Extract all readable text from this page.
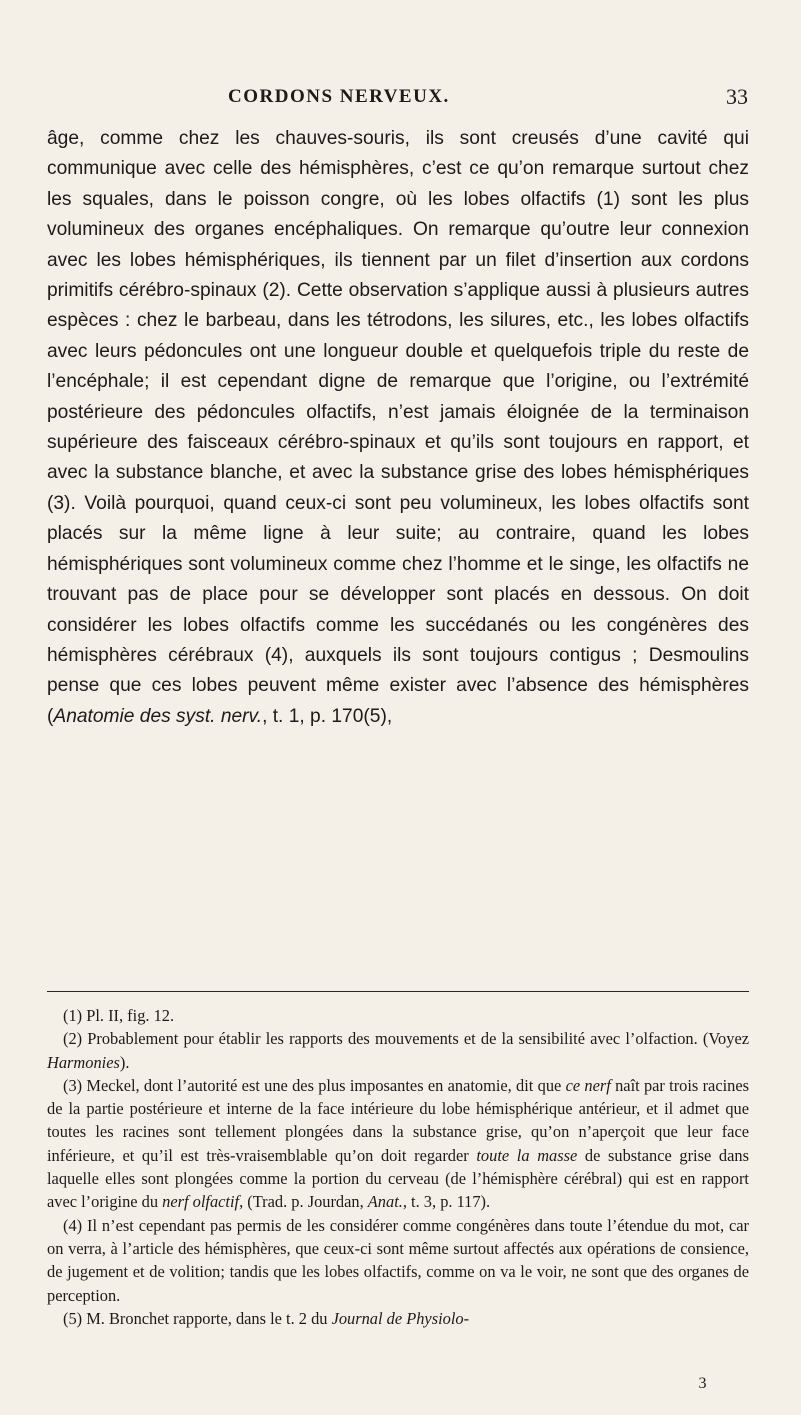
CORDONS NERVEUX.	33

âge, comme chez les chauves-souris, ils sont creusés d’une cavité qui communique avec celle des hémisphères, c’est ce qu’on remarque surtout chez les squales, dans le poisson congre, où les lobes olfactifs (1) sont les plus volumineux des organes encéphaliques. On remarque qu’outre leur connexion avec les lobes hémisphériques, ils tiennent par un filet d’insertion aux cordons primitifs cérébro-spinaux (2). Cette observation s’applique aussi à plusieurs autres espèces : chez le barbeau, dans les tétrodons, les silures, etc., les lobes olfactifs avec leurs pédoncules ont une longueur double et quelquefois triple du reste de l’encéphale; il est cependant digne de remarque que l’origine, ou l’extrémité postérieure des pédoncules olfactifs, n’est jamais éloignée de la terminaison supérieure des faisceaux cérébro-spinaux et qu’ils sont toujours en rapport, et avec la substance blanche, et avec la substance grise des lobes hémisphériques (3). Voilà pourquoi, quand ceux-ci sont peu volumineux, les lobes olfactifs sont placés sur la même ligne à leur suite; au contraire, quand les lobes hémisphériques sont volumineux comme chez l’homme et le singe, les olfactifs ne trouvant pas de place pour se développer sont placés en dessous. On doit considérer les lobes olfactifs comme les succédanés ou les congénères des hémisphères cérébraux (4), auxquels ils sont toujours contigus ; Desmoulins pense que ces lobes peuvent même exister avec l’absence des hémisphères (Anatomie des syst. nerv., t. 1, p. 170(5),

(1) Pl. II, fig. 12.

(2) Probablement pour établir les rapports des mouvements et de la sensibilité avec l’olfaction. (Voyez Harmonies).

(3) Meckel, dont l’autorité est une des plus imposantes en anatomie, dit que ce nerf naît par trois racines de la partie postérieure et interne de la face intérieure du lobe hémisphérique antérieur, et il admet que toutes les racines sont tellement plongées dans la substance grise, qu’on n’aperçoit que leur face inférieure, et qu’il est très-vraisemblable qu’on doit regarder toute la masse de substance grise dans laquelle elles sont plongées comme la portion du cerveau (de l’hémisphère cérébral) qui est en rapport avec l’origine du nerf olfactif, (Trad. p. Jourdan, Anat., t. 3, p. 117).

(4) Il n’est cependant pas permis de les considérer comme congénères dans toute l’étendue du mot, car on verra, à l’article des hémisphères, que ceux-ci sont même surtout affectés aux opérations de consience, de jugement et de volition; tandis que les lobes olfactifs, comme on va le voir, ne sont que des organes de perception.

(5) M. Bronchet rapporte, dans le t. 2 du Journal de Physiolo-

3
